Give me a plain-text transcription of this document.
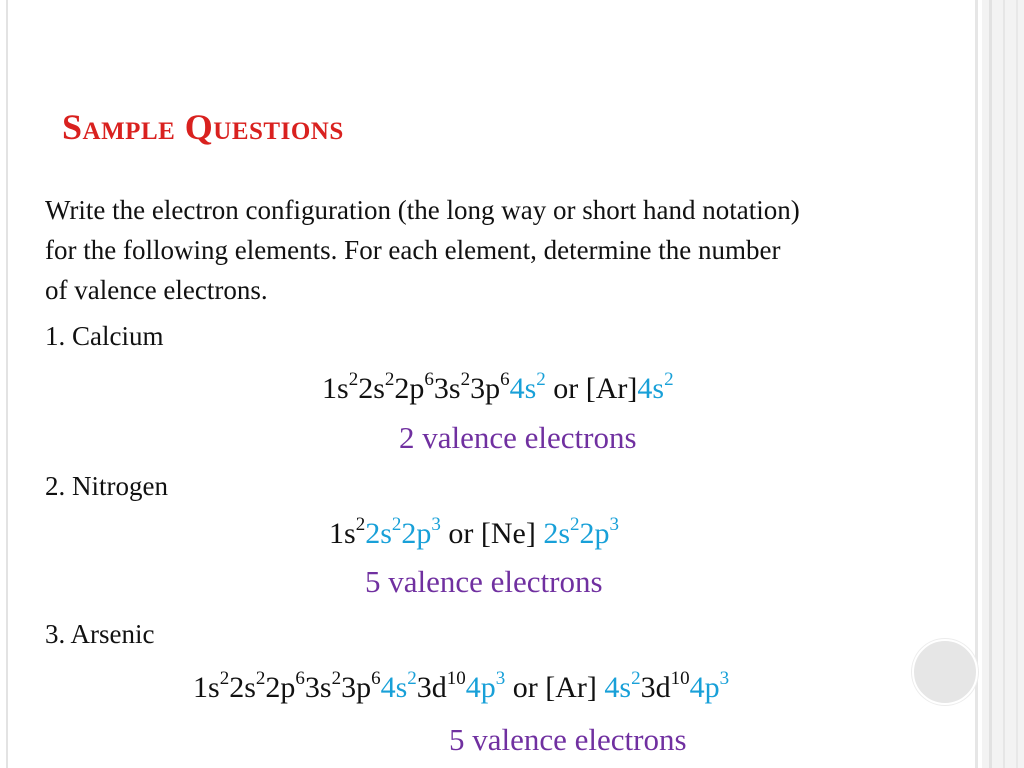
Sample Questions

Write the electron configuration (the long way or short hand notation) for the following elements. For each element, determine the number of valence electrons.

1. Calcium

$1s^22s^22p^63s^23p^64s^2$ or $[Ar]4s^2$

2 valence electrons

2. Nitrogen

$1s^22s^22p^3$ or [Ne] $2s^22p^3$

5 valence electrons

3. Arsenic

$1s^22s^22p^63s^23p^64s^23d^{10}4p^3$ or [Ar] $4s^23d^{10}4p^3$

5 valence electrons
